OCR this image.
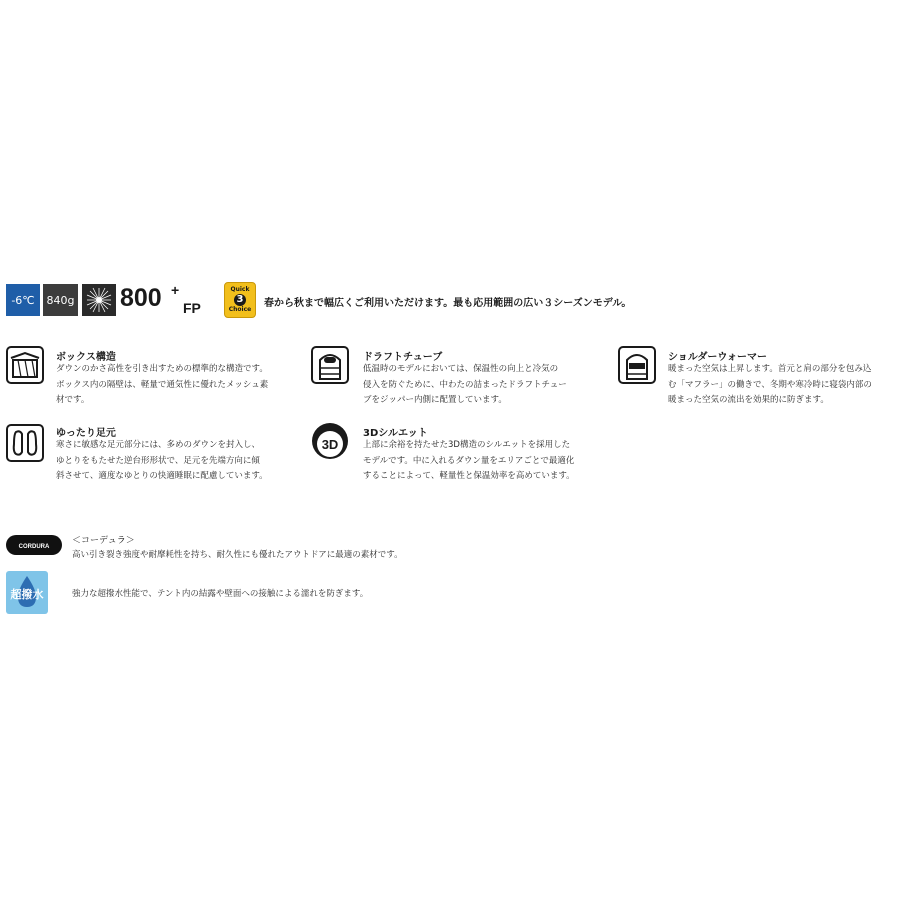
-6℃	840g 800 +
FP
Quick
3
Choice
春から秋まで幅広くご利用いただけます。最も応用範囲の広い３シーズンモデル。
ボックス構造
ダウンのかさ高性を引き出すための標準的な構造です。
ボックス内の隔壁は、軽量で通気性に優れたメッシュ素
材です。
ドラフトチューブ
低温時のモデルにおいては、保温性の向上と冷気の
侵入を防ぐために、中わたの詰まったドラフトチュー
ブをジッパー内側に配置しています。
ショルダーウォーマー
暖まった空気は上昇します。首元と肩の部分を包み込
む「マフラー」の働きで、冬期や寒冷時に寝袋内部の
暖まった空気の流出を効果的に防ぎます。
ゆったり足元
寒さに敏感な足元部分には、多めのダウンを封入し、
ゆとりをもたせた逆台形形状で、足元を先端方向に傾
斜させて、適度なゆとりの快適睡眠に配慮しています。
3D
3Dシルエット
上部に余裕を持たせた3D構造のシルエットを採用した
モデルです。中に入れるダウン量をエリアごとで最適化
することによって、軽量性と保温効率を高めています。
CORDURA
＜コーデュラ＞
高い引き裂き強度や耐摩耗性を持ち、耐久性にも優れたアウトドアに最適の素材です。
超撥水	強力な超撥水性能で、テント内の結露や壁面への接触による濡れを防ぎます。
